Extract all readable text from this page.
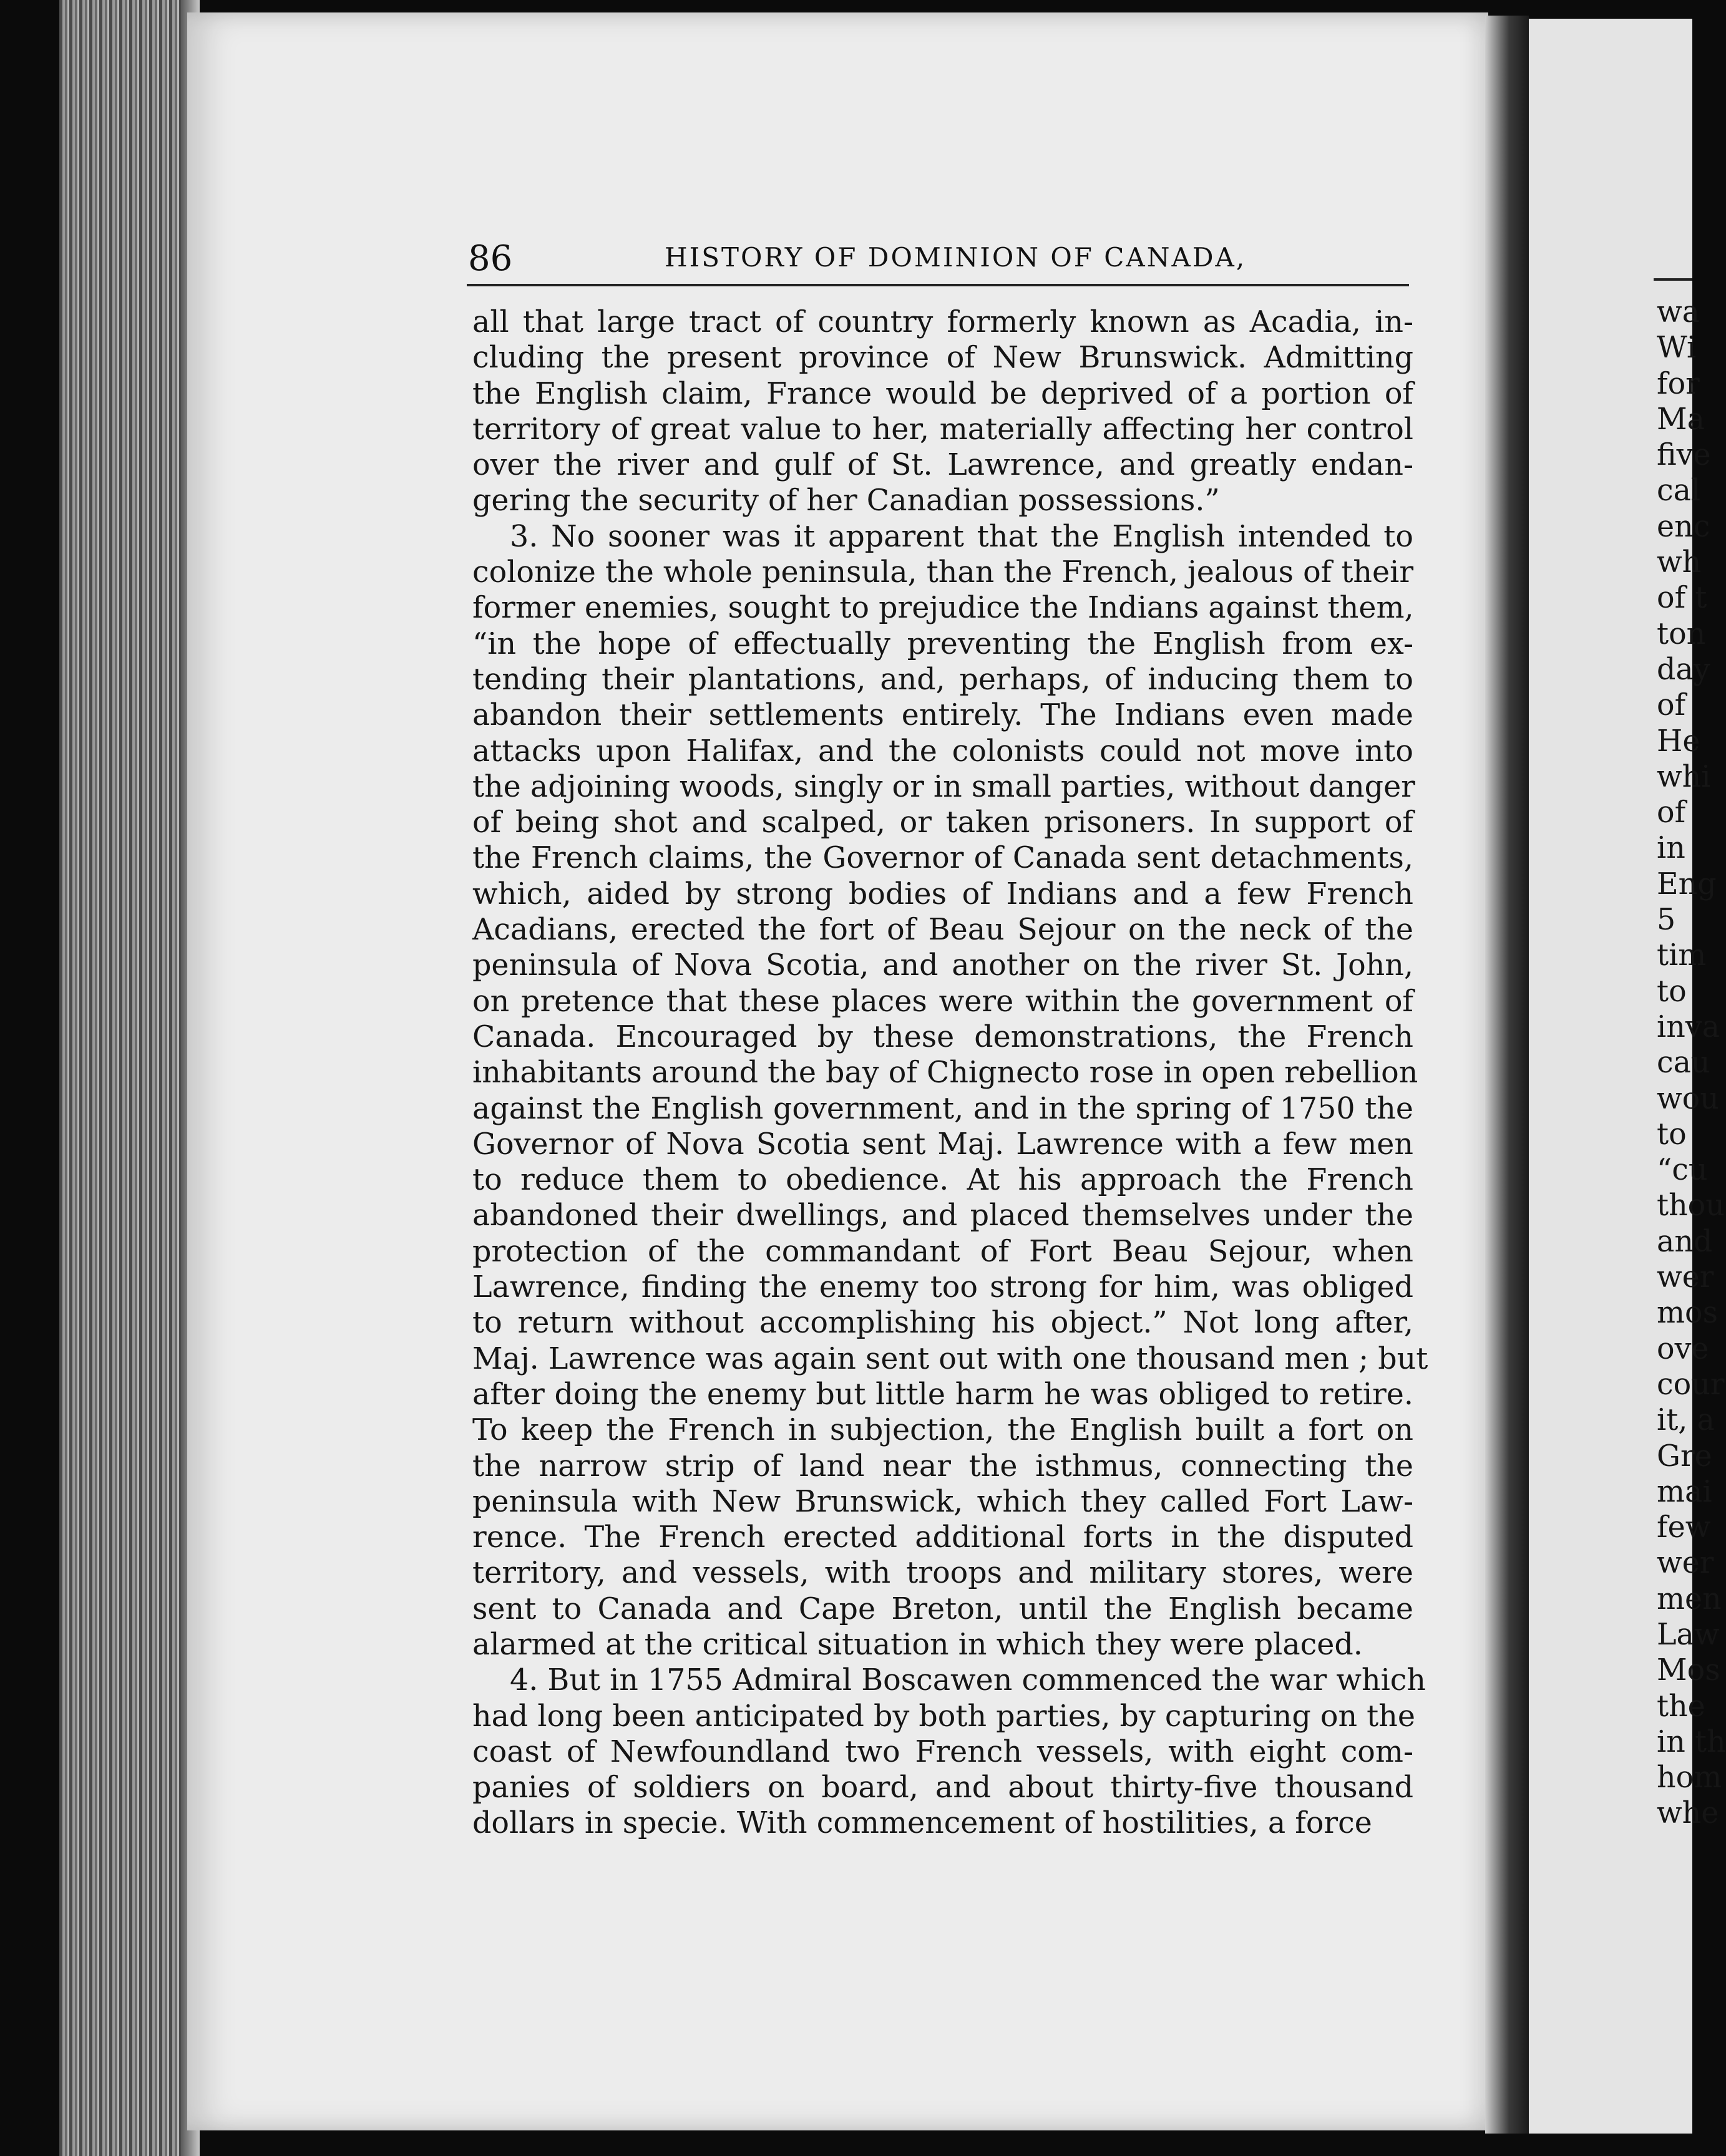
86	HISTORY OF DOMINION OF CANADA,
all that large tract of country formerly known as Acadia, in-
cluding the present province of New Brunswick. Admitting
the English claim, France would be deprived of a portion of
territory of great value to her, materially affecting her control
over the river and gulf of St. Lawrence, and greatly endan-
gering the security of her Canadian possessions.”
3. No sooner was it apparent that the English intended to
colonize the whole peninsula, than the French, jealous of their
former enemies, sought to prejudice the Indians against them,
“in the hope of effectually preventing the English from ex-
tending their plantations, and, perhaps, of inducing them to
abandon their settlements entirely. The Indians even made
attacks upon Halifax, and the colonists could not move into
the adjoining woods, singly or in small parties, without danger
of being shot and scalped, or taken prisoners. In support of
the French claims, the Governor of Canada sent detachments,
which, aided by strong bodies of Indians and a few French
Acadians, erected the fort of Beau Sejour on the neck of the
peninsula of Nova Scotia, and another on the river St. John,
on pretence that these places were within the government of
Canada. Encouraged by these demonstrations, the French
inhabitants around the bay of Chignecto rose in open rebellion
against the English government, and in the spring of 1750 the
Governor of Nova Scotia sent Maj. Lawrence with a few men
to reduce them to obedience. At his approach the French
abandoned their dwellings, and placed themselves under the
protection of the commandant of Fort Beau Sejour, when
Lawrence, finding the enemy too strong for him, was obliged
to return without accomplishing his object.” Not long after,
Maj. Lawrence was again sent out with one thousand men ; but
after doing the enemy but little harm he was obliged to retire.
To keep the French in subjection, the English built a fort on
the narrow strip of land near the isthmus, connecting the
peninsula with New Brunswick, which they called Fort Law-
rence. The French erected additional forts in the disputed
territory, and vessels, with troops and military stores, were
sent to Canada and Cape Breton, until the English became
alarmed at the critical situation in which they were placed.
4. But in 1755 Admiral Boscawen commenced the war which
had long been anticipated by both parties, by capturing on the
coast of Newfoundland two French vessels, with eight com-
panies of soldiers on board, and about thirty-five thousand
dollars in specie. With commencement of hostilities, a force
wa
Wi
for
Ma
five
cal
enc
wh
of t
ton
day
of
He
whi
of
in
Eng
5
tim
to
inva
cau
wou
to
“cu
thou
and
wer
mos
ove
cour
it, a
Gre
mai
few
wer
men
Law
Mos
the
in th
hom
whe
